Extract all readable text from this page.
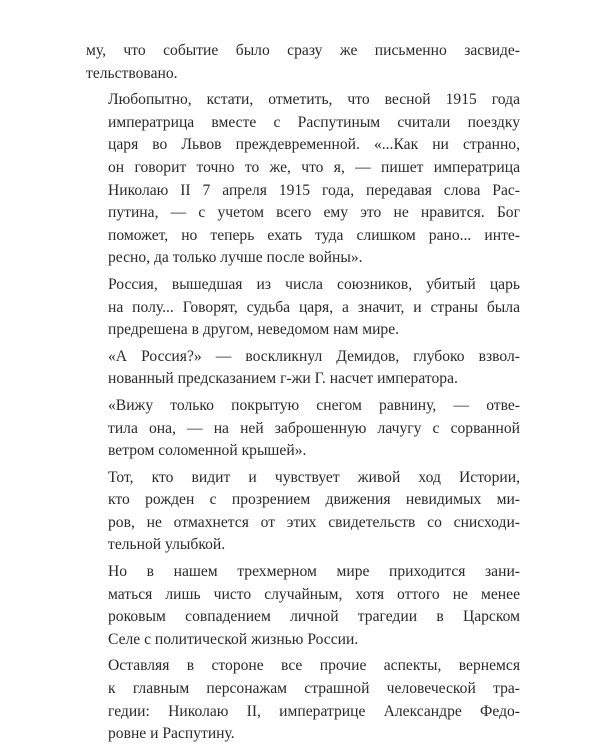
му, что событие было сразу же письменно засвиде-
тельствовано.

Любопытно, кстати, отметить, что весной 1915 года
императрица вместе с Распутиным считали поездку
царя во Львов преждевременной. «...Как ни странно,
он говорит точно то же, что я, — пишет императрица
Николаю II 7 апреля 1915 года, передавая слова Рас-
путина, — с учетом всего ему это не нравится. Бог
поможет, но теперь ехать туда слишком рано... инте-
ресно, да только лучше после войны».

Россия, вышедшая из числа союзников, убитый царь
на полу... Говорят, судьба царя, а значит, и страны была
предрешена в другом, неведомом нам мире.

«А Россия?» — воскликнул Демидов, глубоко взвол-
нованный предсказанием г-жи Г. насчет императора.

«Вижу только покрытую снегом равнину, — отве-
тила она, — на ней заброшенную лачугу с сорванной
ветром соломенной крышей».

Тот, кто видит и чувствует живой ход Истории,
кто рожден с прозрением движения невидимых ми-
ров, не отмахнется от этих свидетельств со снисходи-
тельной улыбкой.

Но в нашем трехмерном мире приходится зани-
маться лишь чисто случайным, хотя оттого не менее
роковым совпадением личной трагедии в Царском
Селе с политической жизнью России.

Оставляя в стороне все прочие аспекты, вернемся
к главным персонажам страшной человеческой тра-
гедии: Николаю II, императрице Александре Федо-
ровне и Распутину.
